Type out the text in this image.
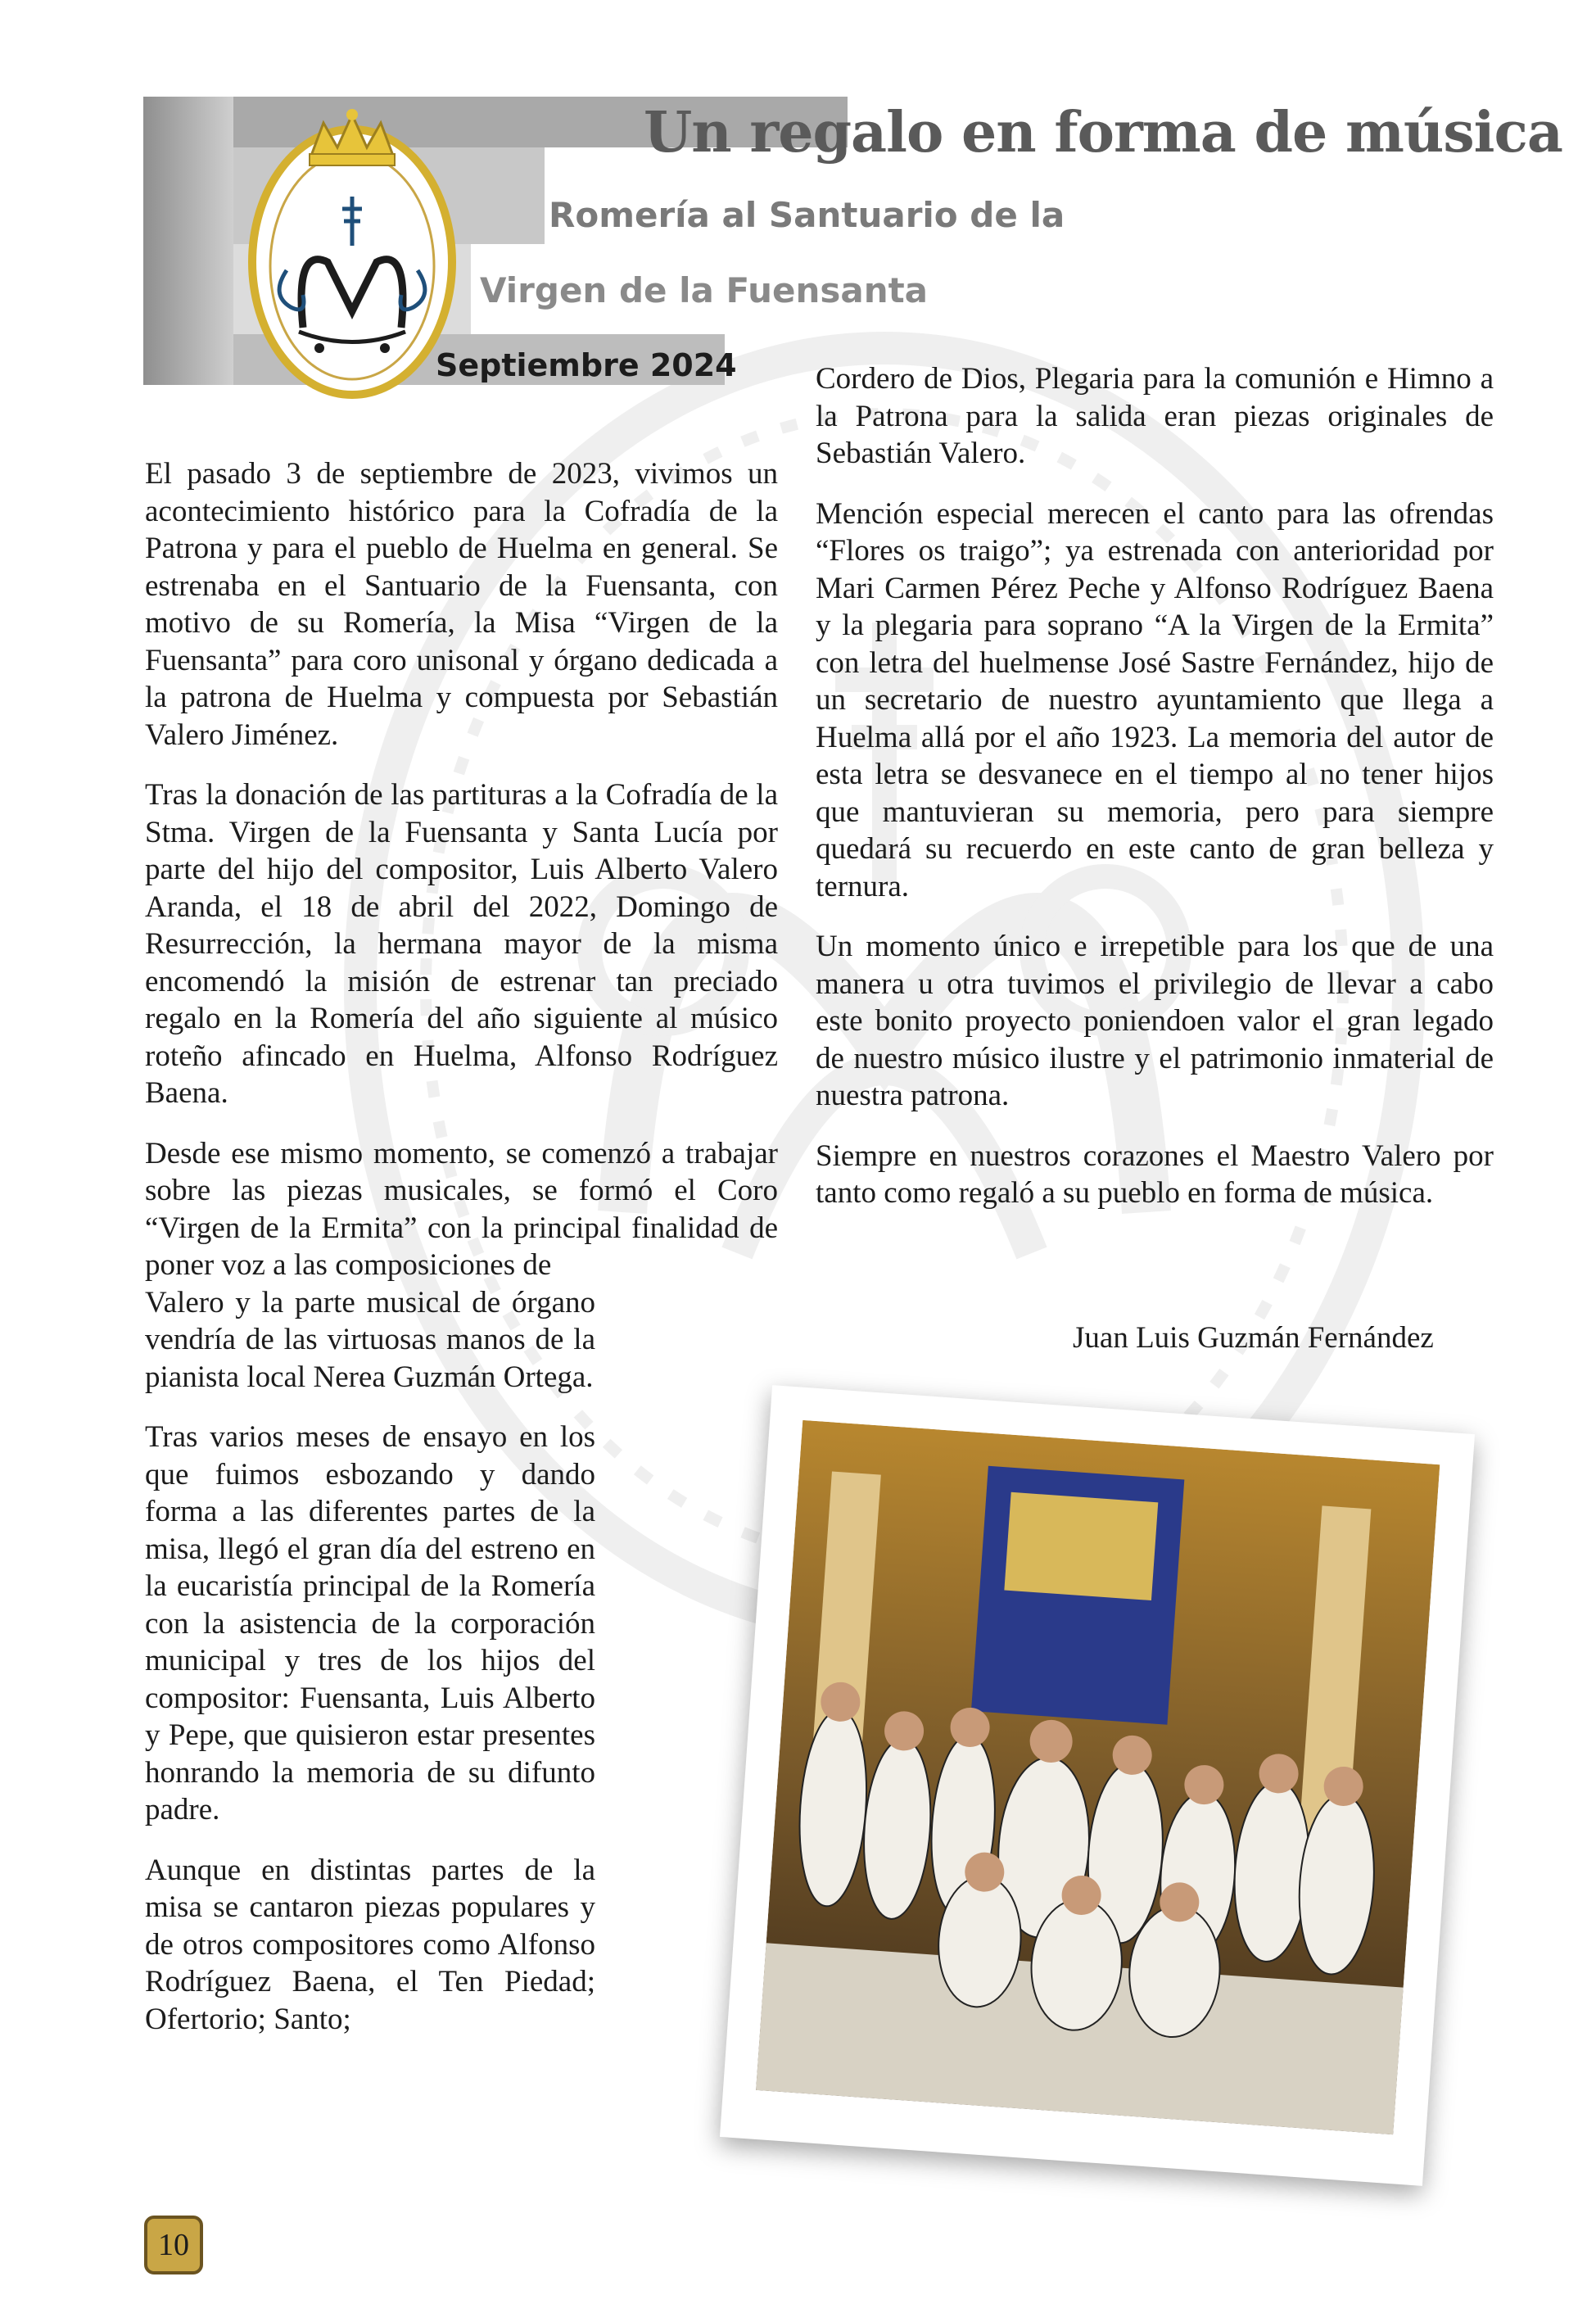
Un regalo en forma de música
Romería al Santuario de la
Virgen de la Fuensanta
Septiembre 2024

El pasado 3 de septiembre de 2023, vivimos un acontecimiento histórico para la Cofradía de la Patrona y para el pueblo de Huelma en general. Se estrenaba en el Santuario de la Fuensanta, con motivo de su Romería, la Misa “Virgen de la Fuensanta” para coro unisonal y órgano dedicada a la patrona de Huelma y compuesta por Sebastián Valero Jiménez.

Tras la donación de las partituras a la Cofradía de la Stma. Virgen de la Fuensanta y Santa Lucía por parte del hijo del compositor, Luis Alberto Valero Aranda, el 18 de abril del 2022, Domingo de Resurrección, la hermana mayor de la misma encomendó la misión de estrenar tan preciado regalo en la Romería del año siguiente al músico roteño afincado en Huelma, Alfonso Rodríguez Baena.

Desde ese mismo momento, se comenzó a trabajar sobre las piezas musicales, se formó el Coro “Virgen de la Ermita” con la principal finalidad de poner voz a las composiciones de
Valero y la parte musical de órgano vendría de las virtuosas manos de la pianista local Nerea Guzmán Ortega.

Tras varios meses de ensayo en los que fuimos esbozando y dando forma a las diferentes partes de la misa, llegó el gran día del estreno en la eucaristía principal de la Romería con la asistencia de la corporación municipal y tres de los hijos del compositor: Fuensanta, Luis Alberto y Pepe, que quisieron estar presentes honrando la memoria de su difunto padre.

Aunque en distintas partes de la misa se cantaron piezas populares y de otros compositores como Alfonso Rodríguez Baena, el Ten Piedad; Ofertorio; Santo;

Cordero de Dios, Plegaria para la comunión e Himno a la Patrona para la salida eran piezas originales de Sebastián Valero.

Mención especial merecen el canto para las ofrendas “Flores os traigo”; ya estrenada con anterioridad por Mari Carmen Pérez Peche y Alfonso Rodríguez Baena y la plegaria para soprano “A la Virgen de la Ermita” con letra del huelmense José Sastre Fernández, hijo de un secretario de nuestro ayuntamiento que llega a Huelma allá por el año 1923. La memoria del autor de esta letra se desvanece en el tiempo al no tener hijos que mantuvieran su memoria, pero para siempre quedará su recuerdo en este canto de gran belleza y ternura.

Un momento único e irrepetible para los que de una manera u otra tuvimos el privilegio de llevar a cabo este bonito proyecto poniendoen valor el gran legado de nuestro músico ilustre y el patrimonio inmaterial de nuestra patrona.

Siempre en nuestros corazones el Maestro Valero por tanto como regaló a su pueblo en forma de música.

Juan Luis Guzmán Fernández
10
